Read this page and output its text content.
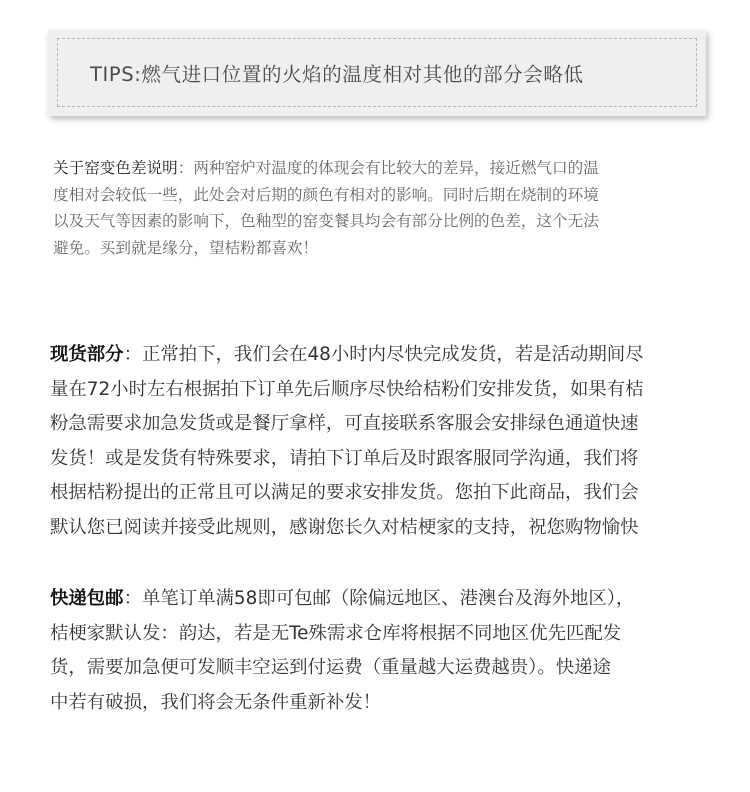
TIPS:燃气进口位置的火焰的温度相对其他的部分会略低
关于窑变色差说明：两种窑炉对温度的体现会有比较大的差异，接近燃气口的温
度相对会较低一些，此处会对后期的颜色有相对的影响。同时后期在烧制的环境
以及天气等因素的影响下，色釉型的窑变餐具均会有部分比例的色差，这个无法
避免。买到就是缘分，望桔粉都喜欢！
现货部分：正常拍下，我们会在48小时内尽快完成发货，若是活动期间尽
量在72小时左右根据拍下订单先后顺序尽快给桔粉们安排发货，如果有桔
粉急需要求加急发货或是餐厅拿样，可直接联系客服会安排绿色通道快速
发货！或是发货有特殊要求，请拍下订单后及时跟客服同学沟通，我们将
根据桔粉提出的正常且可以满足的要求安排发货。您拍下此商品，我们会
默认您已阅读并接受此规则，感谢您长久对桔梗家的支持，祝您购物愉快
快递包邮：单笔订单满58即可包邮（除偏远地区、港澳台及海外地区），
桔梗家默认发：韵达，若是无Te殊需求仓库将根据不同地区优先匹配发
货，需要加急便可发顺丰空运到付运费（重量越大运费越贵）。快递途
中若有破损，我们将会无条件重新补发！
